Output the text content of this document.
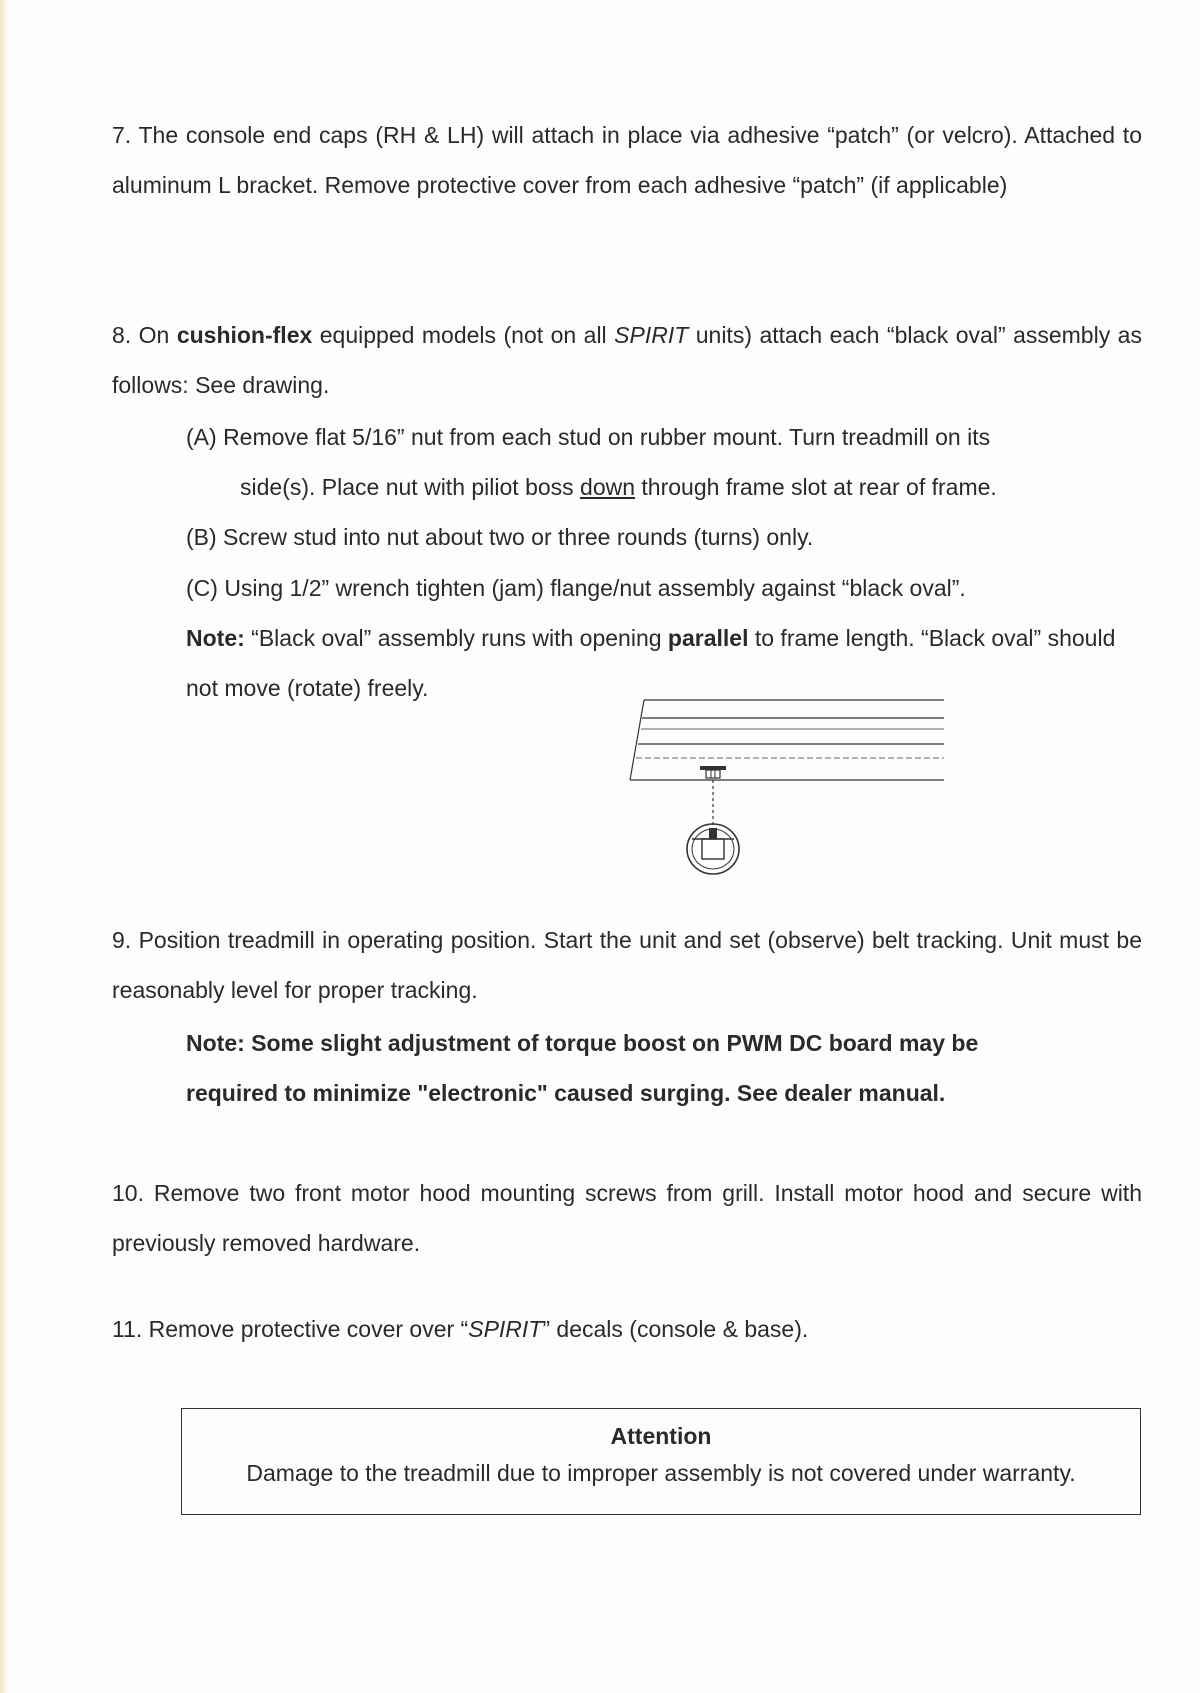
7. The console end caps (RH & LH) will attach in place via adhesive “patch” (or velcro). Attached to aluminum L bracket. Remove protective cover from each adhesive “patch” (if applicable)
8. On cushion-flex equipped models (not on all SPIRIT units) attach each “black oval” assembly as follows: See drawing.
(A) Remove flat 5/16” nut from each stud on rubber mount. Turn treadmill on its
side(s). Place nut with piliot boss down through frame slot at rear of frame.
(B) Screw stud into nut about two or three rounds (turns) only.
(C) Using 1/2” wrench tighten (jam) flange/nut assembly against “black oval”.
Note: “Black oval” assembly runs with opening parallel to frame length. “Black oval” should not move (rotate) freely.
9. Position treadmill in operating position. Start the unit and set (observe) belt tracking. Unit must be reasonably level for proper tracking.
Note: Some slight adjustment of torque boost on PWM DC board may be
required to minimize "electronic" caused surging. See dealer manual.
10. Remove two front motor hood mounting screws from grill. Install motor hood and secure with previously removed hardware.
11. Remove protective cover over “SPIRIT” decals (console & base).
Attention
Damage to the treadmill due to improper assembly is not covered under warranty.
